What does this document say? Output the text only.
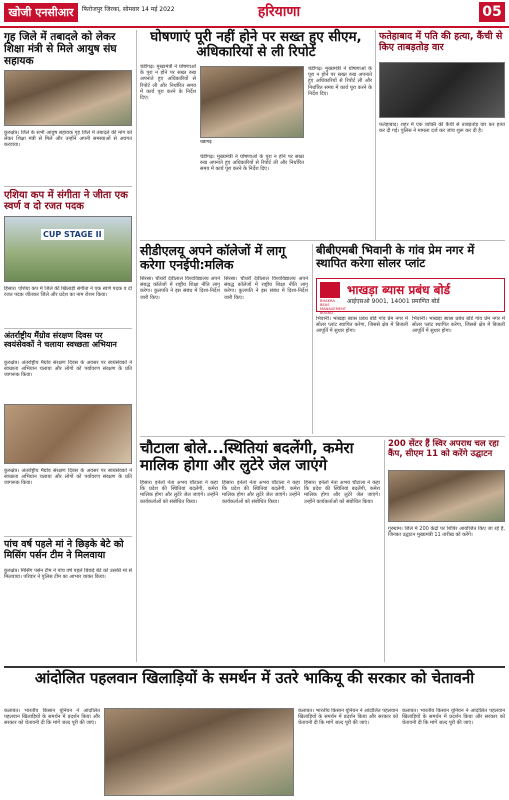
खोजी एनसीआर	फिरोजपुर जिरका, सोमवार 14 मई 2022	हरियाणा	05
गृह जिले में तबादले को लेकर शिक्षा मंत्री से मिले आयुष संघ सहायक
कुरुक्षेत्र। जिले के सभी आयुष सहायक गृह जिले में तबादले की मांग को लेकर शिक्षा मंत्री से मिले और उन्होंने अपनी समस्याओं से अवगत करवाया।
एशिया कप में संगीता ने जीता एक स्वर्ण व दो रजत पदक
CUP STAGE II
हिसार। एशिया कप में जिले की खिलाड़ी संगीता ने एक स्वर्ण पदक व दो रजत पदक जीतकर जिले और प्रदेश का नाम रोशन किया।
अंतर्राष्ट्रीय मैंग्रोव संरक्षण दिवस पर स्वयंसेवकों ने चलाया स्वच्छता अभियान
कुरुक्षेत्र। अंतर्राष्ट्रीय मैंग्रोव संरक्षण दिवस के अवसर पर स्वयंसेवकों ने स्वच्छता अभियान चलाया और लोगों को पर्यावरण संरक्षण के प्रति जागरूक किया।
कुरुक्षेत्र। अंतर्राष्ट्रीय मैंग्रोव संरक्षण दिवस के अवसर पर स्वयंसेवकों ने स्वच्छता अभियान चलाया और लोगों को पर्यावरण संरक्षण के प्रति जागरूक किया।
पांच वर्ष पहले मां ने छिड़के बेटे को मिसिंग पर्सन टीम ने मिलवाया
कुरुक्षेत्र। मिसिंग पर्सन टीम ने पांच वर्ष पहले बिछड़े बेटे को उसकी मां से मिलवाया। परिवार ने पुलिस टीम का आभार व्यक्त किया।
घोषणाएं पूरी नहीं होने पर सख्त हुए सीएम, अधिकारियों से ली रिपोर्ट
चंडीगढ़। मुख्यमंत्री ने घोषणाओं के पूरा न होने पर सख्त रुख अपनाते हुए अधिकारियों से रिपोर्ट ली और निर्धारित समय में कार्य पूरा करने के निर्देश दिए।
चंडीगढ़
चंडीगढ़। मुख्यमंत्री ने घोषणाओं के पूरा न होने पर सख्त रुख अपनाते हुए अधिकारियों से रिपोर्ट ली और निर्धारित समय में कार्य पूरा करने के निर्देश दिए।
चंडीगढ़। मुख्यमंत्री ने घोषणाओं के पूरा न होने पर सख्त रुख अपनाते हुए अधिकारियों से रिपोर्ट ली और निर्धारित समय में कार्य पूरा करने के निर्देश दिए।
फतेहाबाद में पति की हत्या, कैंची से किए ताबड़तोड़ वार
फतेहाबाद। शहर में एक व्यक्ति की कैंची से ताबड़तोड़ वार कर हत्या कर दी गई। पुलिस ने मामला दर्ज कर जांच शुरू कर दी है।
सीडीएलयू अपने कॉलेजों में लागू करेगा एनईपी:मलिक
सिरसा। चौधरी देवीलाल विश्वविद्यालय अपने संबद्ध कॉलेजों में राष्ट्रीय शिक्षा नीति लागू करेगा। कुलपति ने इस संबंध में दिशा-निर्देश जारी किए।
सिरसा। चौधरी देवीलाल विश्वविद्यालय अपने संबद्ध कॉलेजों में राष्ट्रीय शिक्षा नीति लागू करेगा। कुलपति ने इस संबंध में दिशा-निर्देश जारी किए।
बीबीएमबी भिवानी के गांव प्रेम नगर में स्थापित करेगा सोलर प्लांट
BHAKRA BEAS MANAGEMENT BOARD
भाखड़ा ब्यास प्रबंध बोर्ड
आईएसओ 9001, 14001 प्रमाणित बोर्ड
भिवानी। भाखड़ा ब्यास प्रबंध बोर्ड गांव प्रेम नगर में सोलर प्लांट स्थापित करेगा, जिससे क्षेत्र में बिजली आपूर्ति में सुधार होगा।
भिवानी। भाखड़ा ब्यास प्रबंध बोर्ड गांव प्रेम नगर में सोलर प्लांट स्थापित करेगा, जिससे क्षेत्र में बिजली आपूर्ति में सुधार होगा।
चौटाला बोले...स्थितियां बदलेंगी, कमेरा मालिक होगा और लुटेरे जेल जाएंगे
हिसार। इनेलो नेता अभय चौटाला ने कहा कि प्रदेश की स्थितियां बदलेंगी, कमेरा मालिक होगा और लुटेरे जेल जाएंगे। उन्होंने कार्यकर्ताओं को संबोधित किया।
हिसार। इनेलो नेता अभय चौटाला ने कहा कि प्रदेश की स्थितियां बदलेंगी, कमेरा मालिक होगा और लुटेरे जेल जाएंगे। उन्होंने कार्यकर्ताओं को संबोधित किया।
हिसार। इनेलो नेता अभय चौटाला ने कहा कि प्रदेश की स्थितियां बदलेंगी, कमेरा मालिक होगा और लुटेरे जेल जाएंगे। उन्होंने कार्यकर्ताओं को संबोधित किया।
200 सेंटर हैं स्विर अपराध चल रहा कैंप, सीएम 11 को करेंगे उद्घाटन
गुरुग्राम। जिले में 200 केंद्रों पर शिविर आयोजित किए जा रहे हैं, जिनका उद्घाटन मुख्यमंत्री 11 तारीख को करेंगे।
आंदोलित पहलवान खिलाड़ियों के समर्थन में उतरे भाकियू की सरकार को चेतावनी
कलायत। भारतीय किसान यूनियन ने आंदोलित पहलवान खिलाड़ियों के समर्थन में प्रदर्शन किया और सरकार को चेतावनी दी कि मांगें जल्द पूरी की जाएं।
कलायत। भारतीय किसान यूनियन ने आंदोलित पहलवान खिलाड़ियों के समर्थन में प्रदर्शन किया और सरकार को चेतावनी दी कि मांगें जल्द पूरी की जाएं।
कलायत। भारतीय किसान यूनियन ने आंदोलित पहलवान खिलाड़ियों के समर्थन में प्रदर्शन किया और सरकार को चेतावनी दी कि मांगें जल्द पूरी की जाएं।
